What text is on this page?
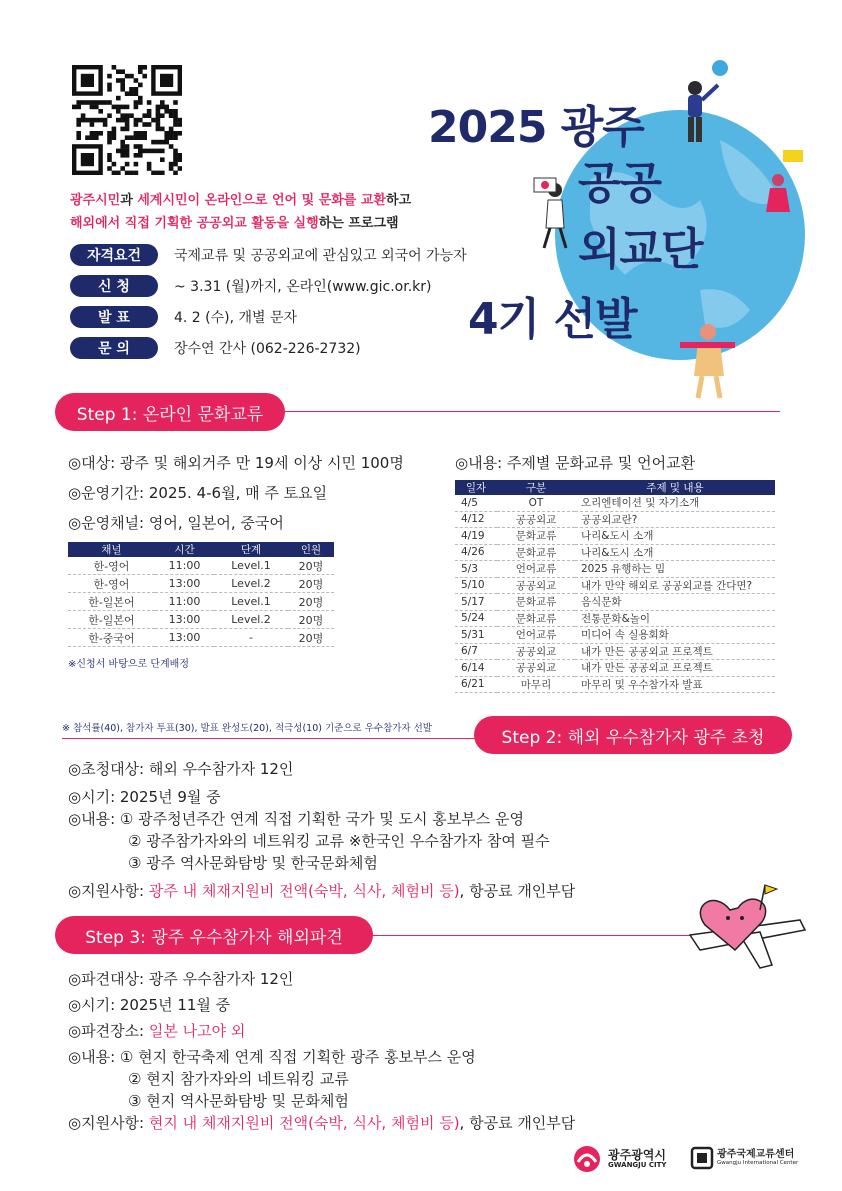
2025 광주
공공
외교단
4기 선발
광주시민과 세계시민이 온라인으로 언어 및 문화를 교환하고
해외에서 직접 기획한 공공외교 활동을 실행하는 프로그램
자격요건	국제교류 및 공공외교에 관심있고 외국어 가능자
신 청	~ 3.31 (월)까지, 온라인(www.gic.or.kr)
발 표	4. 2 (수), 개별 문자
문 의	장수연 간사 (062-226-2732)
Step 1: 온라인 문화교류
◎대상: 광주 및 해외거주 만 19세 이상 시민 100명
◎운영기간: 2025. 4-6월, 매 주 토요일
◎운영채널: 영어, 일본어, 중국어
◎내용: 주제별 문화교류 및 언어교환
채널	시간	단계	인원
한-영어	11:00	Level.1	20명
한-영어	13:00	Level.2	20명
한-일본어	11:00	Level.1	20명
한-일본어	13:00	Level.2	20명
한-중국어	13:00	-	20명
※신청서 바탕으로 단계배정
일자	구분	주제 및 내용
4/5	OT	오리엔테이션 및 자기소개
4/12	공공외교	공공외교란?
4/19	문화교류	나리&도시 소개
4/26	문화교류	나리&도시 소개
5/3	언어교류	2025 유행하는 밈
5/10	공공외교	내가 만약 해외로 공공외교를 간다면?
5/17	문화교류	음식문화
5/24	문화교류	전통문화&놀이
5/31	언어교류	미디어 속 실용회화
6/7	공공외교	내가 만든 공공외교 프로젝트
6/14	공공외교	내가 만든 공공외교 프로젝트
6/21	마무리	마무리 및 우수참가자 발표
※ 참석률(40), 참가자 투표(30), 발표 완성도(20), 적극성(10) 기준으로 우수참가자 선발	Step 2: 해외 우수참가자 광주 초청
◎초청대상: 해외 우수참가자 12인
◎시기: 2025년 9월 중
◎내용: ① 광주청년주간 연계 직접 기획한 국가 및 도시 홍보부스 운영
② 광주참가자와의 네트워킹 교류 ※한국인 우수참가자 참여 필수
③ 광주 역사문화탐방 및 한국문화체험
◎지원사항: 광주 내 체재지원비 전액(숙박, 식사, 체험비 등), 항공료 개인부담
Step 3: 광주 우수참가자 해외파견
◎파견대상: 광주 우수참가자 12인
◎시기: 2025년 11월 중
◎파견장소: 일본 나고야 외
◎내용: ① 현지 한국축제 연계 직접 기획한 광주 홍보부스 운영
② 현지 참가자와의 네트워킹 교류
③ 현지 역사문화탐방 및 문화체험
◎지원사항: 현지 내 체재지원비 전액(숙박, 식사, 체험비 등), 항공료 개인부담
광주광역시
GWANGJU CITY
광주국제교류센터
Gwangju International Center
